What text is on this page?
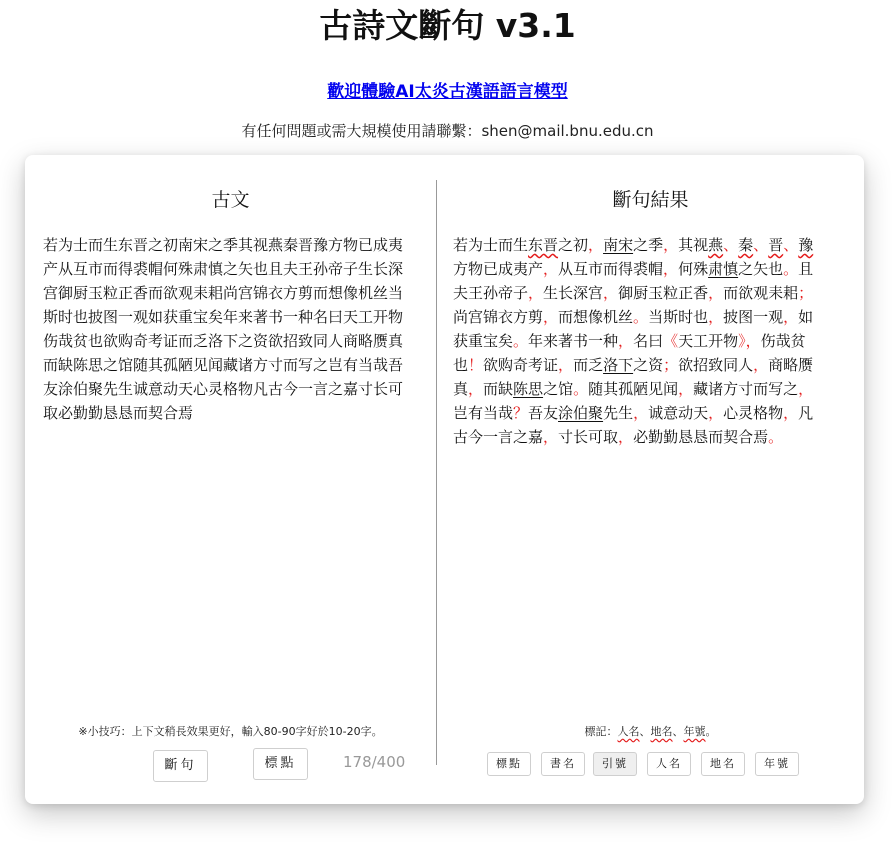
古詩文斷句 v3.1
歡迎體驗AI太炎古漢語語言模型
有任何問題或需大規模使用請聯繫：shen@mail.bnu.edu.cn
古文	斷句結果
若为士而生东晋之初南宋之季其视燕秦晋豫方物已成夷产从互市而得裘帽何殊肃慎之矢也且夫王孙帝子生长深宫御厨玉粒正香而欲观耒耜尚宫锦衣方剪而想像机丝当斯时也披图一观如获重宝矣年来著书一种名曰天工开物伤哉贫也欲购奇考证而乏洛下之资欲招致同人商略赝真而缺陈思之馆随其孤陋见闻藏诸方寸而写之岂有当哉吾友涂伯聚先生诚意动天心灵格物凡古今一言之嘉寸长可取必勤勤恳恳而契合焉
若为士而生东晋之初，南宋之季，其视燕、秦、晋、豫方物已成夷产，从互市而得裘帽，何殊肃慎之矢也。且夫王孙帝子，生长深宫，御厨玉粒正香，而欲观耒耜；尚宫锦衣方剪，而想像机丝。当斯时也，披图一观，如获重宝矣。年来著书一种，名曰《天工开物》，伤哉贫也！欲购奇考证，而乏洛下之资；欲招致同人，商略赝真，而缺陈思之馆。随其孤陋见闻，藏诸方寸而写之，岂有当哉？吾友涂伯聚先生，诚意动天，心灵格物，凡古今一言之嘉，寸长可取，必勤勤恳恳而契合焉。
※小技巧：上下文稍長效果更好，輸入80-90字好於10-20字。	標記：人名、地名、年號。
斷句	標點	178/400	標點	書名	引號	人名	地名	年號
